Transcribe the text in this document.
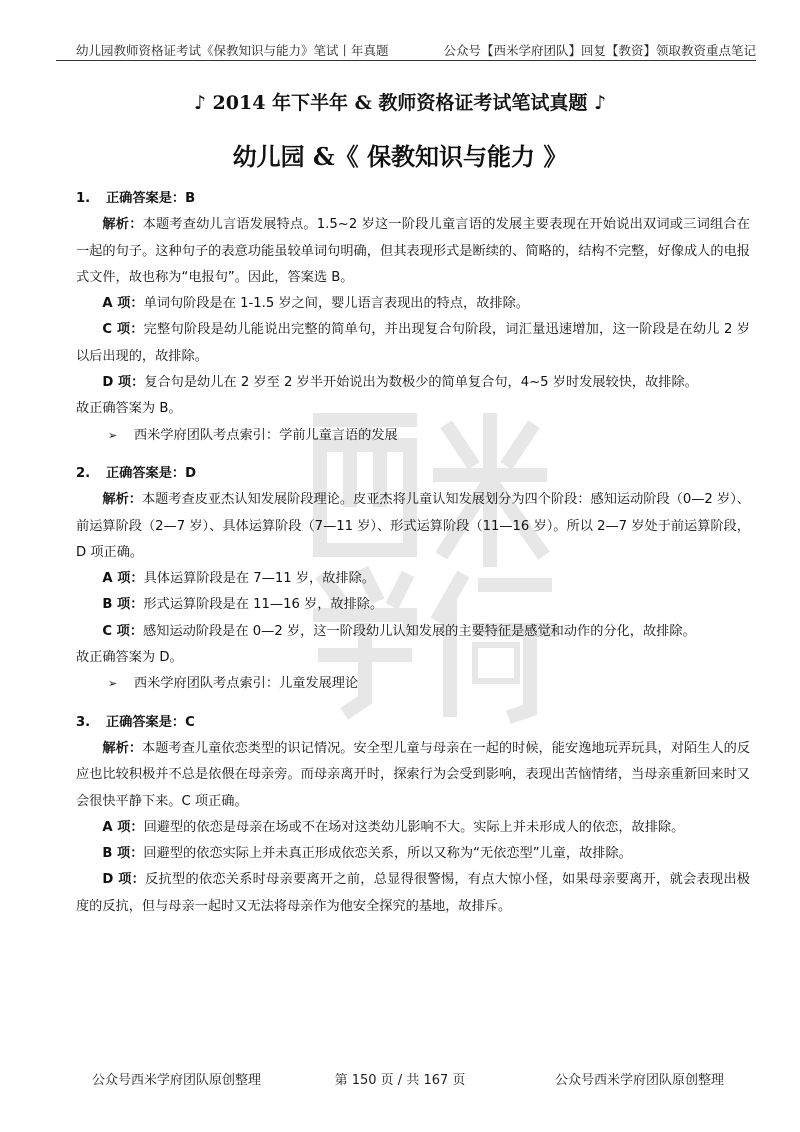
幼儿园教师资格证考试《保教知识与能力》笔试丨年真题	公众号【西米学府团队】回复【教资】领取教资重点笔记
♪ 2014 年下半年 & 教师资格证考试笔试真题 ♪
幼儿园 &《 保教知识与能力 》

1. 正确答案是：B

解析：本题考查幼儿言语发展特点。1.5~2 岁这一阶段儿童言语的发展主要表现在开始说出双词或三词组合在一起的句子。这种句子的表意功能虽较单词句明确，但其表现形式是断续的、简略的，结构不完整，好像成人的电报式文件，故也称为“电报句”。因此，答案选 B。

A 项：单词句阶段是在 1-1.5 岁之间，婴儿语言表现出的特点，故排除。

C 项：完整句阶段是幼儿能说出完整的简单句，并出现复合句阶段，词汇量迅速增加，这一阶段是在幼儿 2 岁以后出现的，故排除。

D 项：复合句是幼儿在 2 岁至 2 岁半开始说出为数极少的简单复合句，4~5 岁时发展较快，故排除。

故正确答案为 B。

➢ 西米学府团队考点索引：学前儿童言语的发展

2. 正确答案是：D

解析：本题考查皮亚杰认知发展阶段理论。皮亚杰将儿童认知发展划分为四个阶段：感知运动阶段（0—2 岁）、前运算阶段（2—7 岁）、具体运算阶段（7—11 岁）、形式运算阶段（11—16 岁）。所以 2—7 岁处于前运算阶段，D 项正确。

A 项：具体运算阶段是在 7—11 岁，故排除。

B 项：形式运算阶段是在 11—16 岁，故排除。

C 项：感知运动阶段是在 0—2 岁，这一阶段幼儿认知发展的主要特征是感觉和动作的分化，故排除。

故正确答案为 D。

➢ 西米学府团队考点索引：儿童发展理论

3. 正确答案是：C

解析：本题考查儿童依恋类型的识记情况。安全型儿童与母亲在一起的时候，能安逸地玩弄玩具，对陌生人的反应也比较积极并不总是依偎在母亲旁。而母亲离开时，探索行为会受到影响，表现出苦恼情绪，当母亲重新回来时又会很快平静下来。C 项正确。

A 项：回避型的依恋是母亲在场或不在场对这类幼儿影响不大。实际上并未形成人的依恋，故排除。

B 项：回避型的依恋实际上并未真正形成依恋关系，所以又称为“无依恋型”儿童，故排除。

D 项：反抗型的依恋关系时母亲要离开之前，总显得很警惕，有点大惊小怪，如果母亲要离开，就会表现出极度的反抗，但与母亲一起时又无法将母亲作为他安全探究的基地，故排斥。

公众号西米学府团队原创整理	第 150 页 / 共 167 页	公众号西米学府团队原创整理
